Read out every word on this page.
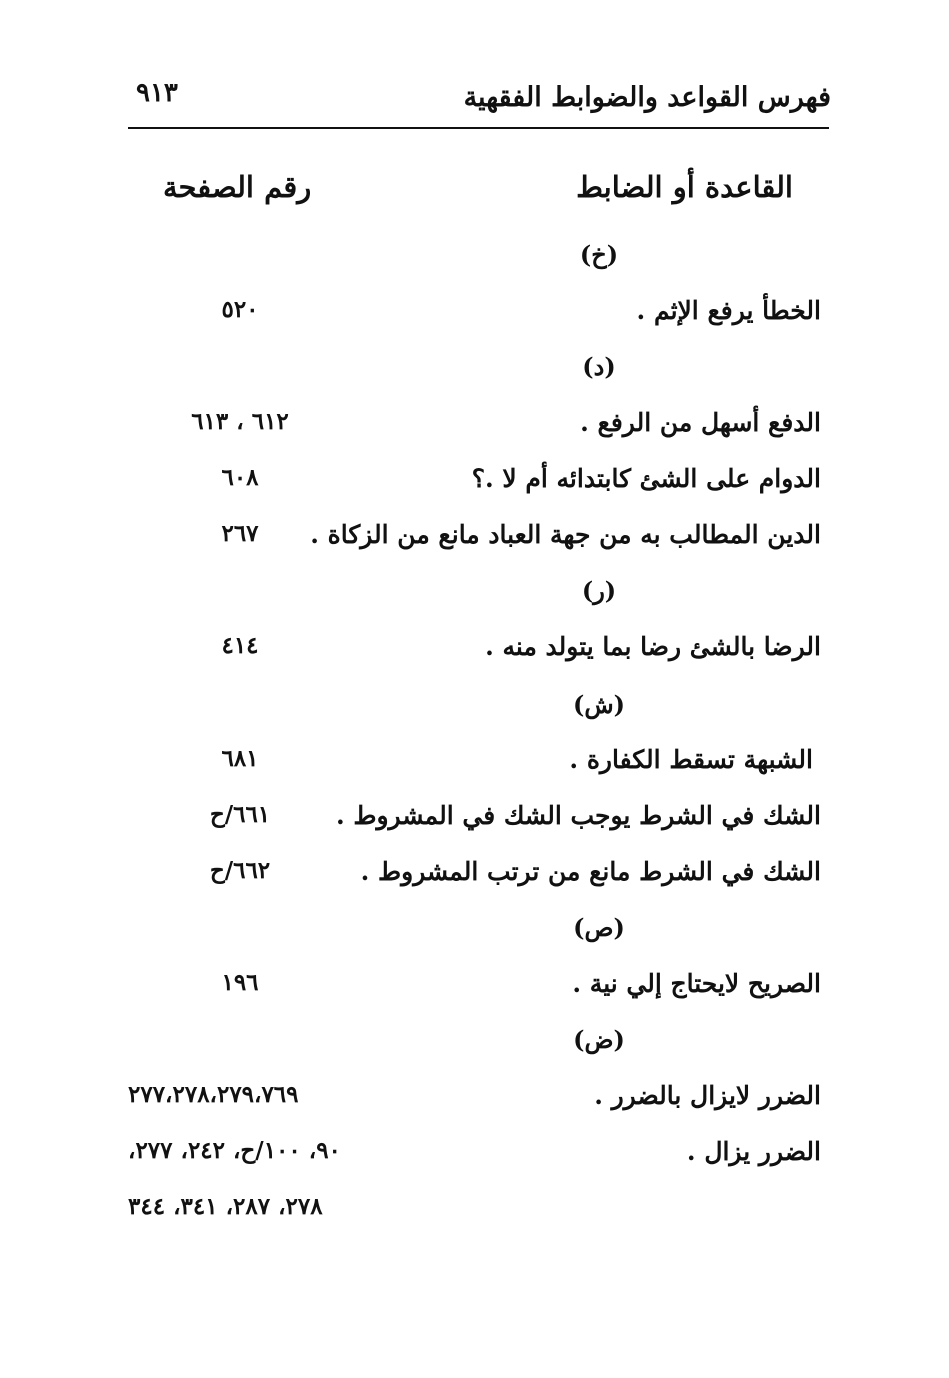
فهرس القواعد والضوابط الفقهية
٩١٣
القاعدة أو الضابط
رقم الصفحة
(خ)
الخطأ يرفع الإثم .
٥٢٠
(د)
الدفع أسهل من الرفع .
٦١٢ ، ٦١٣
الدوام على الشئ كابتدائه أم لا .؟
٦٠٨
الدين المطالب به من جهة العباد مانع من الزكاة .
٢٦٧
(ر)
الرضا بالشئ رضا بما يتولد منه .
٤١٤
(ش)
الشبهة تسقط الكفارة .
٦٨١
الشك في الشرط يوجب الشك في المشروط .
٦٦١/ح
الشك في الشرط مانع من ترتب المشروط .
٦٦٢/ح
(ص)
الصريح لايحتاج إلي نية .
١٩٦
(ض)
الضرر لايزال بالضرر .
٢٧٧،٢٧٨،٢٧٩،٧٦٩
الضرر يزال .
٩٠، ١٠٠/ح، ٢٤٢، ٢٧٧،
٢٧٨، ٢٨٧، ٣٤١، ٣٤٤
